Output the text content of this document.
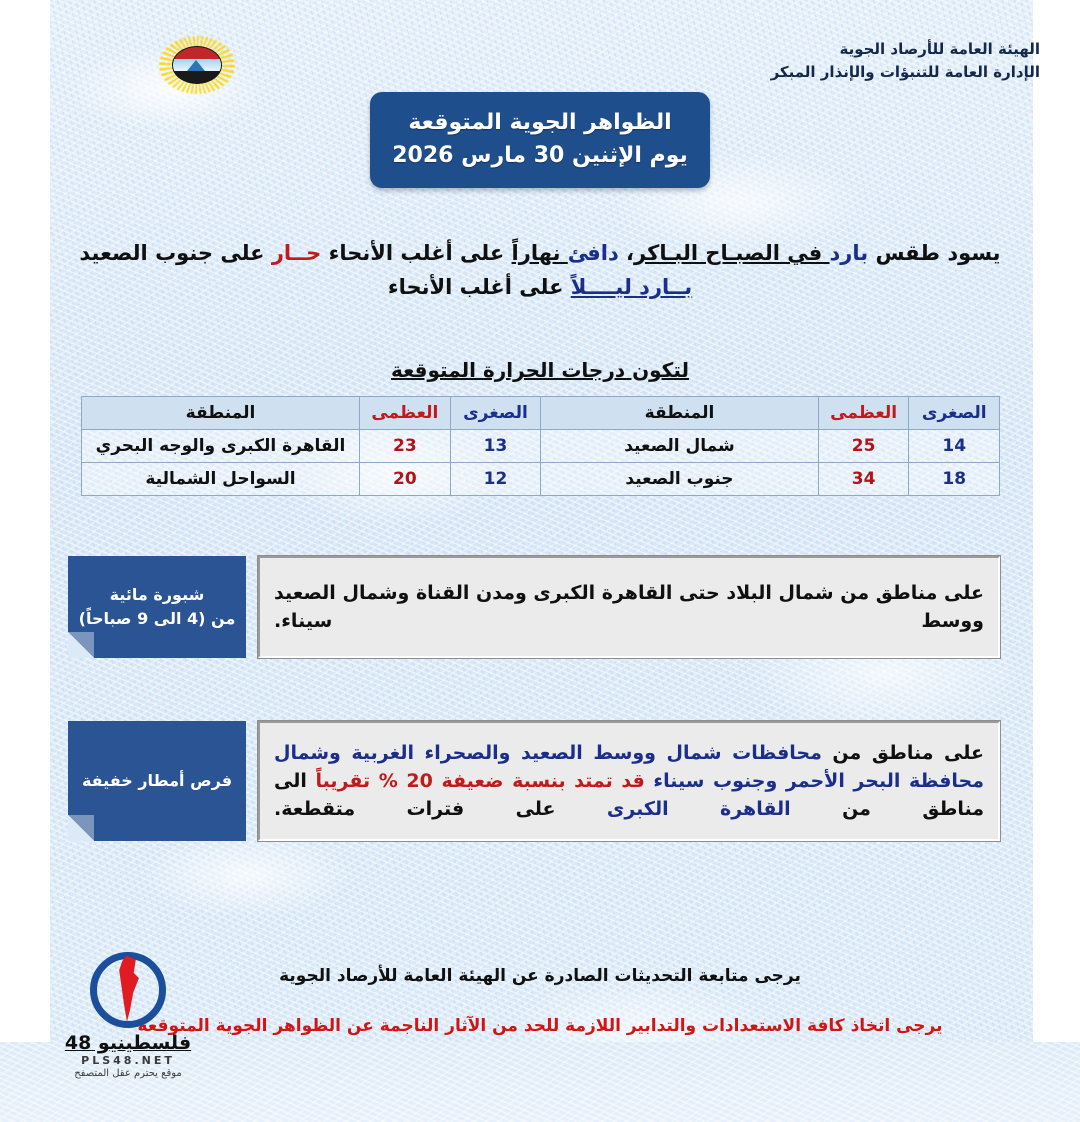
الهيئة العامة للأرصاد الجوية
الإدارة العامة للتنبؤات والإنذار المبكر
الظواهر الجوية المتوقعة
يوم الإثنين 30 مارس 2026
يسود طقس بارد في الصبـاح البـاكر، دافئ نهاراً على أغلب الأنحاء حــار على جنوب الصعيد
بــارد ليــــلاً على أغلب الأنحاء
لتكون درجات الحرارة المتوقعة
الصغرى	العظمى	المنطقة	الصغرى	العظمى	المنطقة
14	25	شمال الصعيد	13	23	القاهرة الكبرى والوجه البحري
18	34	جنوب الصعيد	12	20	السواحل الشمالية
على مناطق من شمال البلاد حتى القاهرة الكبرى ومدن القناة وشمال الصعيد ووسط سيناء.
شبورة مائية
من (4 الى 9 صباحاً)
على مناطق من محافظات شمال ووسط الصعيد والصحراء الغربية وشمال محافظة البحر الأحمر وجنوب سيناء قد تمتد بنسبة ضعيفة 20 % تقريباً الى مناطق من القاهرة الكبرى على فترات متقطعة.
فرص أمطار خفيفة
يرجى متابعة التحديثات الصادرة عن الهيئة العامة للأرصاد الجوية
يرجى اتخاذ كافة الاستعدادات والتدابير اللازمة للحد من الآثار الناجمة عن الظواهر الجوية المتوقعة
فلسطينيو 48
PLS48.NET
موقع يحترم عقل المتصفح
